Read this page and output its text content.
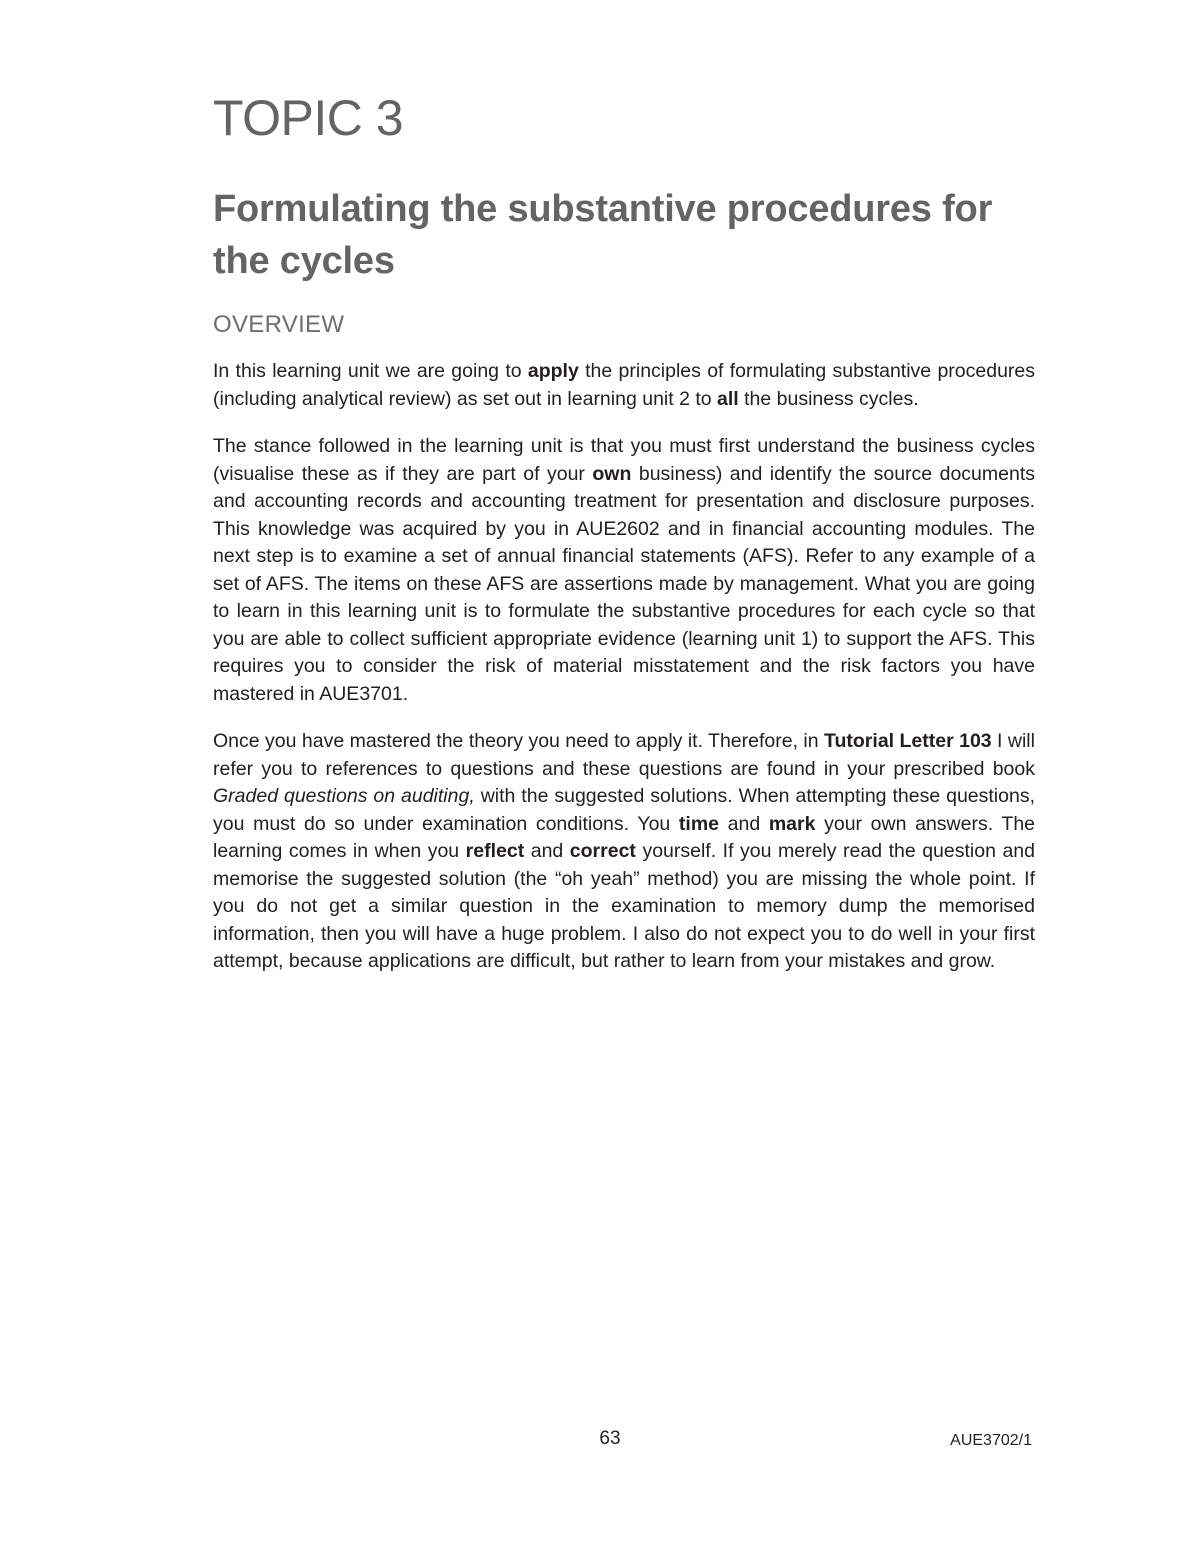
TOPIC 3
Formulating the substantive procedures for the cycles
OVERVIEW

In this learning unit we are going to apply the principles of formulating substantive procedures (including analytical review) as set out in learning unit 2 to all the business cycles.

The stance followed in the learning unit is that you must first understand the business cycles (visualise these as if they are part of your own business) and identify the source documents and accounting records and accounting treatment for presentation and disclosure purposes. This knowledge was acquired by you in AUE2602 and in financial accounting modules. The next step is to examine a set of annual financial statements (AFS). Refer to any example of a set of AFS. The items on these AFS are assertions made by management. What you are going to learn in this learning unit is to formulate the substantive procedures for each cycle so that you are able to collect sufficient appropriate evidence (learning unit 1) to support the AFS. This requires you to consider the risk of material misstatement and the risk factors you have mastered in AUE3701.

Once you have mastered the theory you need to apply it. Therefore, in Tutorial Letter 103 I will refer you to references to questions and these questions are found in your prescribed book Graded questions on auditing, with the suggested solutions. When attempting these questions, you must do so under examination conditions. You time and mark your own answers. The learning comes in when you reflect and correct yourself. If you merely read the question and memorise the suggested solution (the “oh yeah” method) you are missing the whole point. If you do not get a similar question in the examination to memory dump the memorised information, then you will have a huge problem. I also do not expect you to do well in your first attempt, because applications are difficult, but rather to learn from your mistakes and grow.

63	AUE3702/1
